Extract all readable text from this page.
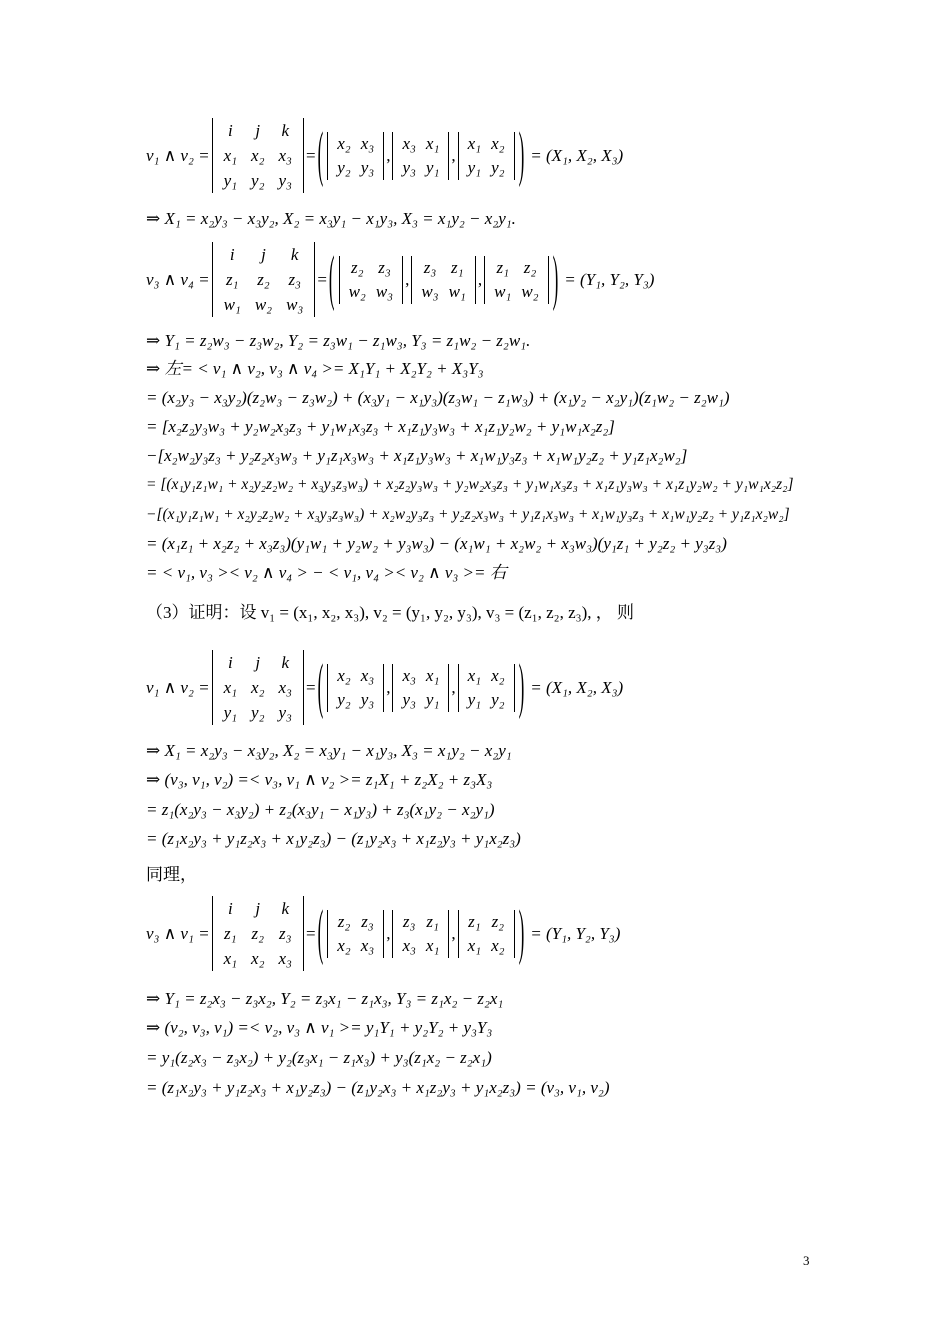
v₁ ∧ v₂ =
i	j	k
x₁	x₂	x₃
y₁	y₂	y₃
= ( x₂	x₃
y₂	y₃
,
x₃	x₁
y₃	y₁
,
x₁	x₂
y₁	y₂ ) = (X₁, X₂, X₃)
⇒ X₁ = x₂y₃ − x₃y₂, X₂ = x₃y₁ − x₁y₃, X₃ = x₁y₂ − x₂y₁.
v₃ ∧ v₄ =
i	j	k
z₁	z₂	z₃
w₁	w₂	w₃
= ( z₂	z₃
w₂	w₃
,
z₃	z₁
w₃	w₁
,
z₁	z₂
w₁	w₂ ) = (Y₁, Y₂, Y₃)
⇒ Y₁ = z₂w₃ − z₃w₂, Y₂ = z₃w₁ − z₁w₃, Y₃ = z₁w₂ − z₂w₁.
⇒ 左= < v₁ ∧ v₂, v₃ ∧ v₄ >= X₁Y₁ + X₂Y₂ + X₃Y₃
= (x₂y₃ − x₃y₂)(z₂w₃ − z₃w₂) + (x₃y₁ − x₁y₃)(z₃w₁ − z₁w₃) + (x₁y₂ − x₂y₁)(z₁w₂ − z₂w₁)
= [x₂z₂y₃w₃ + y₂w₂x₃z₃ + y₁w₁x₃z₃ + x₁z₁y₃w₃ + x₁z₁y₂w₂ + y₁w₁x₂z₂]
−[x₂w₂y₃z₃ + y₂z₂x₃w₃ + y₁z₁x₃w₃ + x₁z₁y₃w₃ + x₁w₁y₃z₃ + x₁w₁y₂z₂ + y₁z₁x₂w₂]
= [(x₁y₁z₁w₁ + x₂y₂z₂w₂ + x₃y₃z₃w₃) + x₂z₂y₃w₃ + y₂w₂x₃z₃ + y₁w₁x₃z₃ + x₁z₁y₃w₃ + x₁z₁y₂w₂ + y₁w₁x₂z₂]
−[(x₁y₁z₁w₁ + x₂y₂z₂w₂ + x₃y₃z₃w₃) + x₂w₂y₃z₃ + y₂z₂x₃w₃ + y₁z₁x₃w₃ + x₁w₁y₃z₃ + x₁w₁y₂z₂ + y₁z₁x₂w₂]
= (x₁z₁ + x₂z₂ + x₃z₃)(y₁w₁ + y₂w₂ + y₃w₃) − (x₁w₁ + x₂w₂ + x₃w₃)(y₁z₁ + y₂z₂ + y₃z₃)
= < v₁, v₃ >< v₂ ∧ v₄ > − < v₁, v₄ >< v₂ ∧ v₃ >= 右
（3）证明：设 v₁ = (x₁, x₂, x₃), v₂ = (y₁, y₂, y₃), v₃ = (z₁, z₂, z₃), ， 则
v₁ ∧ v₂ =
i	j	k
x₁	x₂	x₃
y₁	y₂	y₃
= ( x₂	x₃
y₂	y₃
,
x₃	x₁
y₃	y₁
,
x₁	x₂
y₁	y₂ ) = (X₁, X₂, X₃)
⇒ X₁ = x₂y₃ − x₃y₂, X₂ = x₃y₁ − x₁y₃, X₃ = x₁y₂ − x₂y₁
⇒ (v₃, v₁, v₂) =< v₃, v₁ ∧ v₂ >= z₁X₁ + z₂X₂ + z₃X₃
= z₁(x₂y₃ − x₃y₂) + z₂(x₃y₁ − x₁y₃) + z₃(x₁y₂ − x₂y₁)
= (z₁x₂y₃ + y₁z₂x₃ + x₁y₂z₃) − (z₁y₂x₃ + x₁z₂y₃ + y₁x₂z₃)
同理，
v₃ ∧ v₁ =
i	j	k
z₁	z₂	z₃
x₁	x₂	x₃
= ( z₂	z₃
x₂	x₃
,
z₃	z₁
x₃	x₁
,
z₁	z₂
x₁	x₂ ) = (Y₁, Y₂, Y₃)
⇒ Y₁ = z₂x₃ − z₃x₂, Y₂ = z₃x₁ − z₁x₃, Y₃ = z₁x₂ − z₂x₁
⇒ (v₂, v₃, v₁) =< v₂, v₃ ∧ v₁ >= y₁Y₁ + y₂Y₂ + y₃Y₃
= y₁(z₂x₃ − z₃x₂) + y₂(z₃x₁ − z₁x₃) + y₃(z₁x₂ − z₂x₁)
= (z₁x₂y₃ + y₁z₂x₃ + x₁y₂z₃) − (z₁y₂x₃ + x₁z₂y₃ + y₁x₂z₃) = (v₃, v₁, v₂)
3
